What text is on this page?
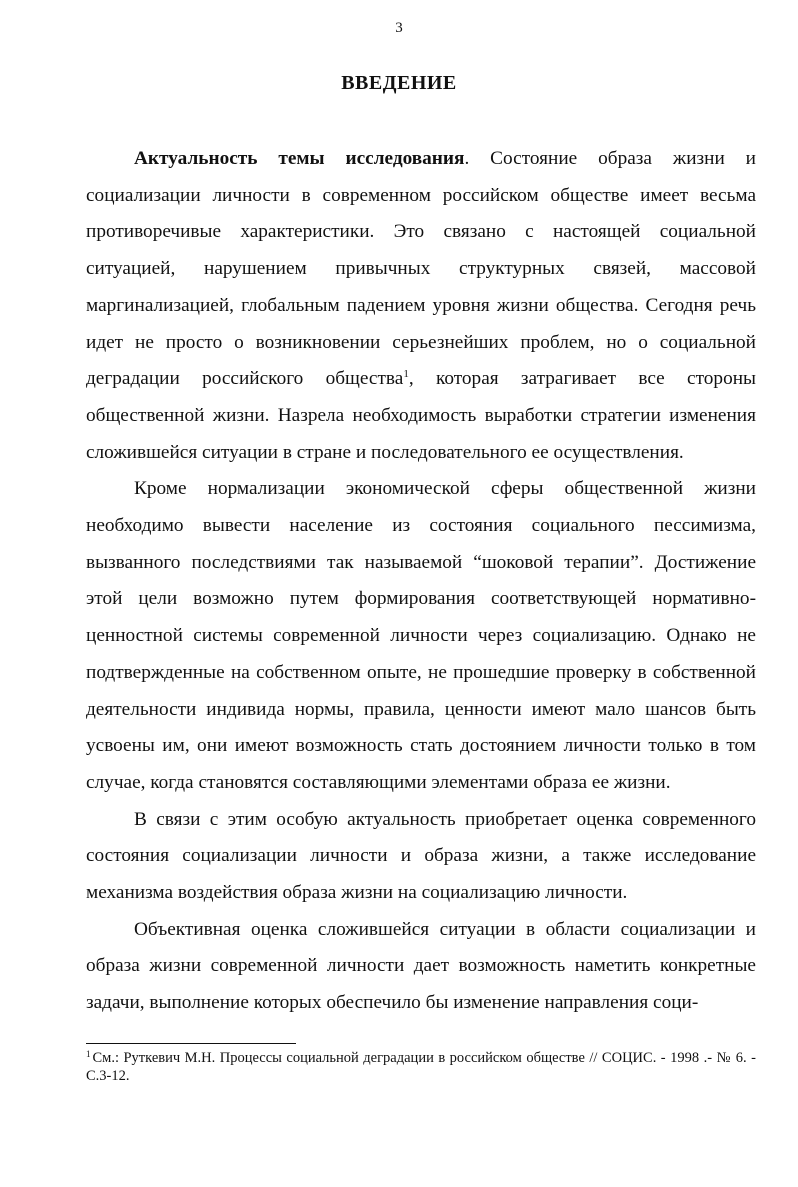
3
ВВЕДЕНИЕ

Актуальность темы исследования. Состояние образа жизни и социализации личности в современном российском обществе имеет весьма противоречивые характеристики. Это связано с настоящей социальной ситуацией, нарушением привычных структурных связей, массовой маргинализацией, глобальным падением уровня жизни общества. Сегодня речь идет не просто о возникновении серьезнейших проблем, но о социальной деградации российского общества$^1$, которая затрагивает все стороны общественной жизни. Назрела необходимость выработки стратегии изменения сложившейся ситуации в стране и последовательного ее осуществления.

Кроме нормализации экономической сферы общественной жизни необходимо вывести население из состояния социального пессимизма, вызванного последствиями так называемой “шоковой терапии”. Достижение этой цели возможно путем формирования соответствующей нормативно-ценностной системы современной личности через социализацию. Однако не подтвержденные на собственном опыте, не прошедшие проверку в собственной деятельности индивида нормы, правила, ценности имеют мало шансов быть усвоены им, они имеют возможность стать достоянием личности только в том случае, когда становятся составляющими элементами образа ее жизни.

В связи с этим особую актуальность приобретает оценка современного состояния социализации личности и образа жизни, а также исследование механизма воздействия образа жизни на социализацию личности.

Объективная оценка сложившейся ситуации в области социализации и образа жизни современной личности дает возможность наметить конкретные задачи, выполнение которых обеспечило бы изменение направления соци-

$^1$ См.: Руткевич М.Н. Процессы социальной деградации в российском обществе // СОЦИС. - 1998 .- № 6. - С.3-12.
